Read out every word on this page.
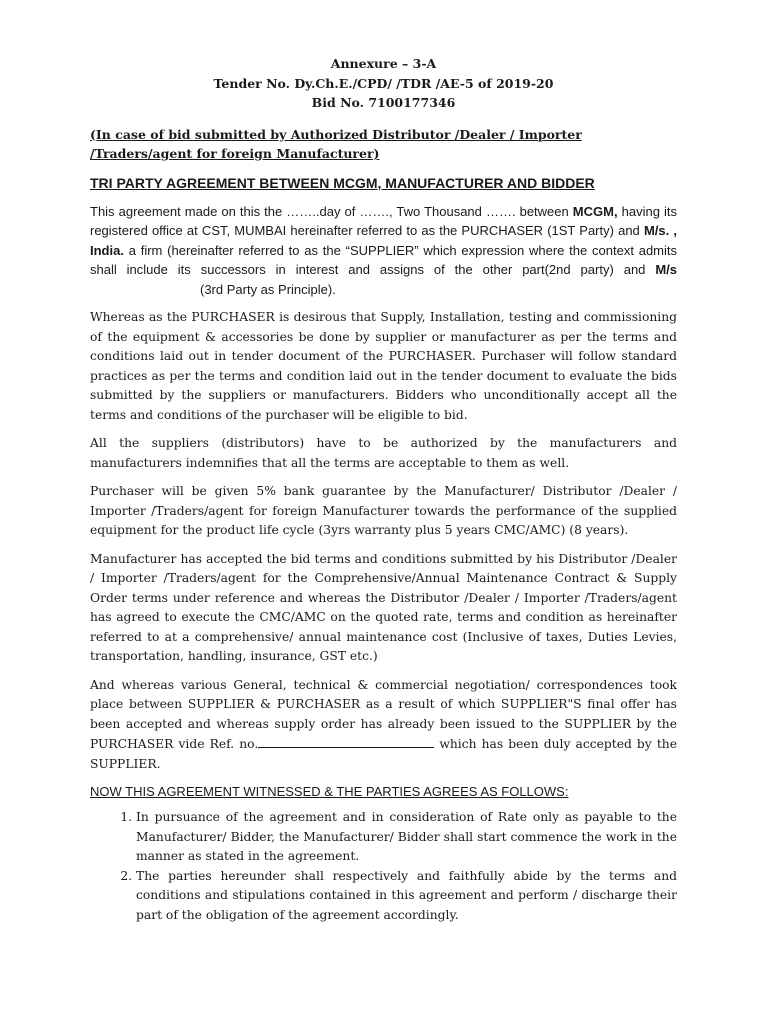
Annexure – 3-A
Tender No. Dy.Ch.E./CPD/ /TDR /AE-5 of 2019-20
Bid No. 7100177346
(In case of bid submitted by Authorized Distributor /Dealer / Importer /Traders/agent for foreign Manufacturer)
TRI PARTY AGREEMENT BETWEEN MCGM, MANUFACTURER AND BIDDER

This agreement made on this the ……..day of ……., Two Thousand ……. between MCGM, having its registered office at CST, MUMBAI hereinafter referred to as the PURCHASER (1ST Party) and M/s. , India. a firm (hereinafter referred to as the “SUPPLIER” which expression where the context admits shall include its successors in interest and assigns of the other part(2nd party) and M/s(3rd Party as Principle).

Whereas as the PURCHASER is desirous that Supply, Installation, testing and commissioning of the equipment & accessories be done by supplier or manufacturer as per the terms and conditions laid out in tender document of the PURCHASER. Purchaser will follow standard practices as per the terms and condition laid out in the tender document to evaluate the bids submitted by the suppliers or manufacturers. Bidders who unconditionally accept all the terms and conditions of the purchaser will be eligible to bid.

All the suppliers (distributors) have to be authorized by the manufacturers and manufacturers indemnifies that all the terms are acceptable to them as well.

Purchaser will be given 5% bank guarantee by the Manufacturer/ Distributor /Dealer / Importer /Traders/agent for foreign Manufacturer towards the performance of the supplied equipment for the product life cycle (3yrs warranty plus 5 years CMC/AMC) (8 years).

Manufacturer has accepted the bid terms and conditions submitted by his Distributor /Dealer / Importer /Traders/agent for the Comprehensive/Annual Maintenance Contract & Supply Order terms under reference and whereas the Distributor /Dealer / Importer /Traders/agent has agreed to execute the CMC/AMC on the quoted rate, terms and condition as hereinafter referred to at a comprehensive/ annual maintenance cost (Inclusive of taxes, Duties Levies, transportation, handling, insurance, GST etc.)

And whereas various General, technical & commercial negotiation/ correspondences took place between SUPPLIER & PURCHASER as a result of which SUPPLIER"S final offer has been accepted and whereas supply order has already been issued to the SUPPLIER by the PURCHASER vide Ref. no.	which has been duly accepted by the SUPPLIER.

NOW THIS AGREEMENT WITNESSED & THE PARTIES AGREES AS FOLLOWS:
1. In pursuance of the agreement and in consideration of Rate only as payable to the Manufacturer/ Bidder, the Manufacturer/ Bidder shall start commence the work in the manner as stated in the agreement.
2. The parties hereunder shall respectively and faithfully abide by the terms and conditions and stipulations contained in this agreement and perform / discharge their part of the obligation of the agreement accordingly.
